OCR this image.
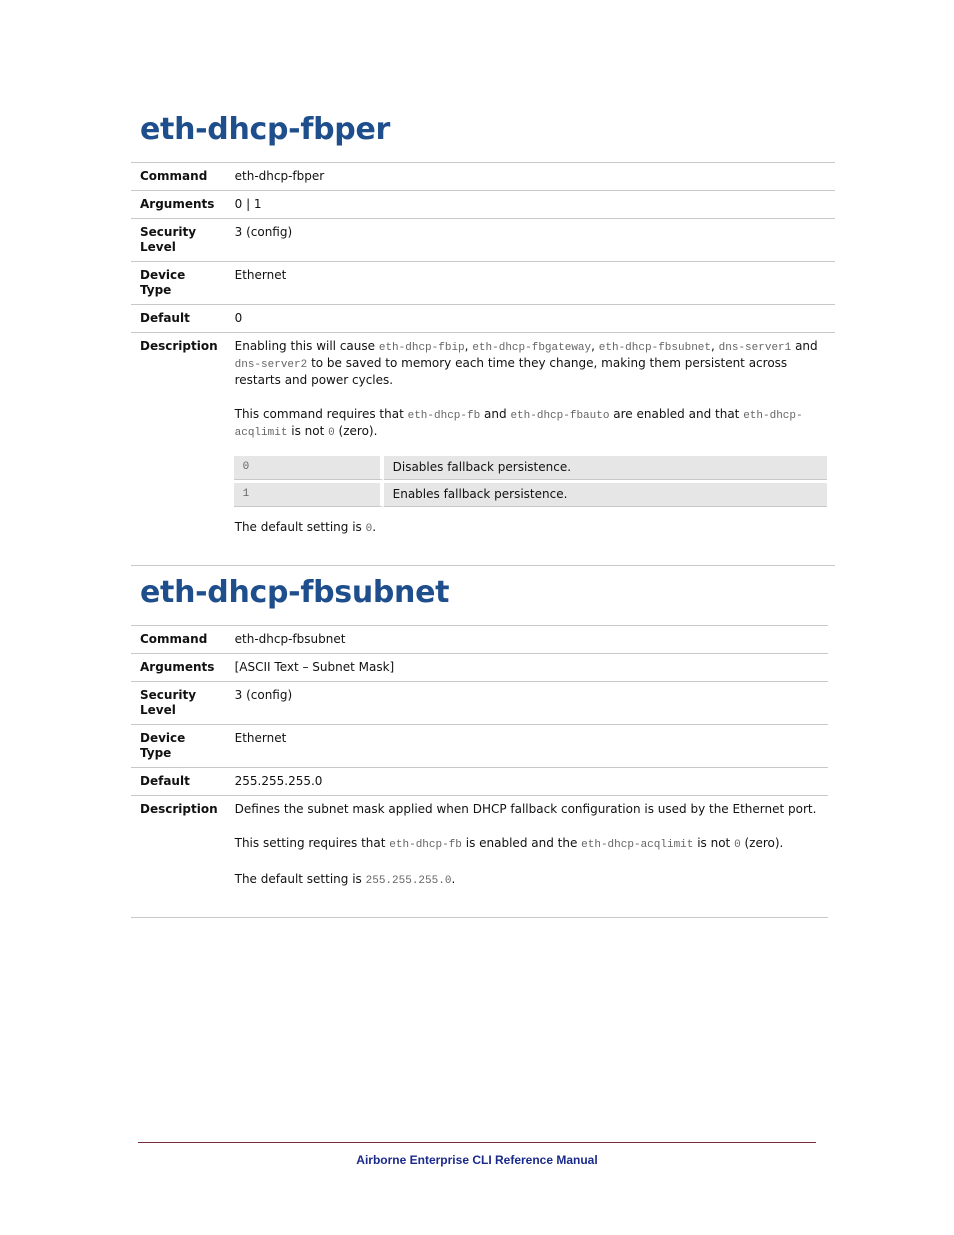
eth-dhcp-fbper
Command	eth-dhcp-fbper
Arguments	0 | 1
Security Level	3 (config)
Device Type	Ethernet
Default	0
Description	Enabling this will cause eth-dhcp-fbip, eth-dhcp-fbgateway, eth-dhcp-fbsubnet, dns-server1 and dns-server2 to be saved to memory each time they change, making them persistent across restarts and power cycles.

This command requires that eth-dhcp-fb and eth-dhcp-fbauto are enabled and that eth-dhcp-acqlimit is not 0 (zero).

0	Disables fallback persistence.
1	Enables fallback persistence.

The default setting is 0.

eth-dhcp-fbsubnet
Command	eth-dhcp-fbsubnet
Arguments	[ASCII Text – Subnet Mask]
Security Level	3 (config)
Device Type	Ethernet
Default	255.255.255.0
Description	Defines the subnet mask applied when DHCP fallback configuration is used by the Ethernet port.

This setting requires that eth-dhcp-fb is enabled and the eth-dhcp-acqlimit is not 0 (zero).

The default setting is 255.255.255.0.

Airborne Enterprise CLI Reference Manual
